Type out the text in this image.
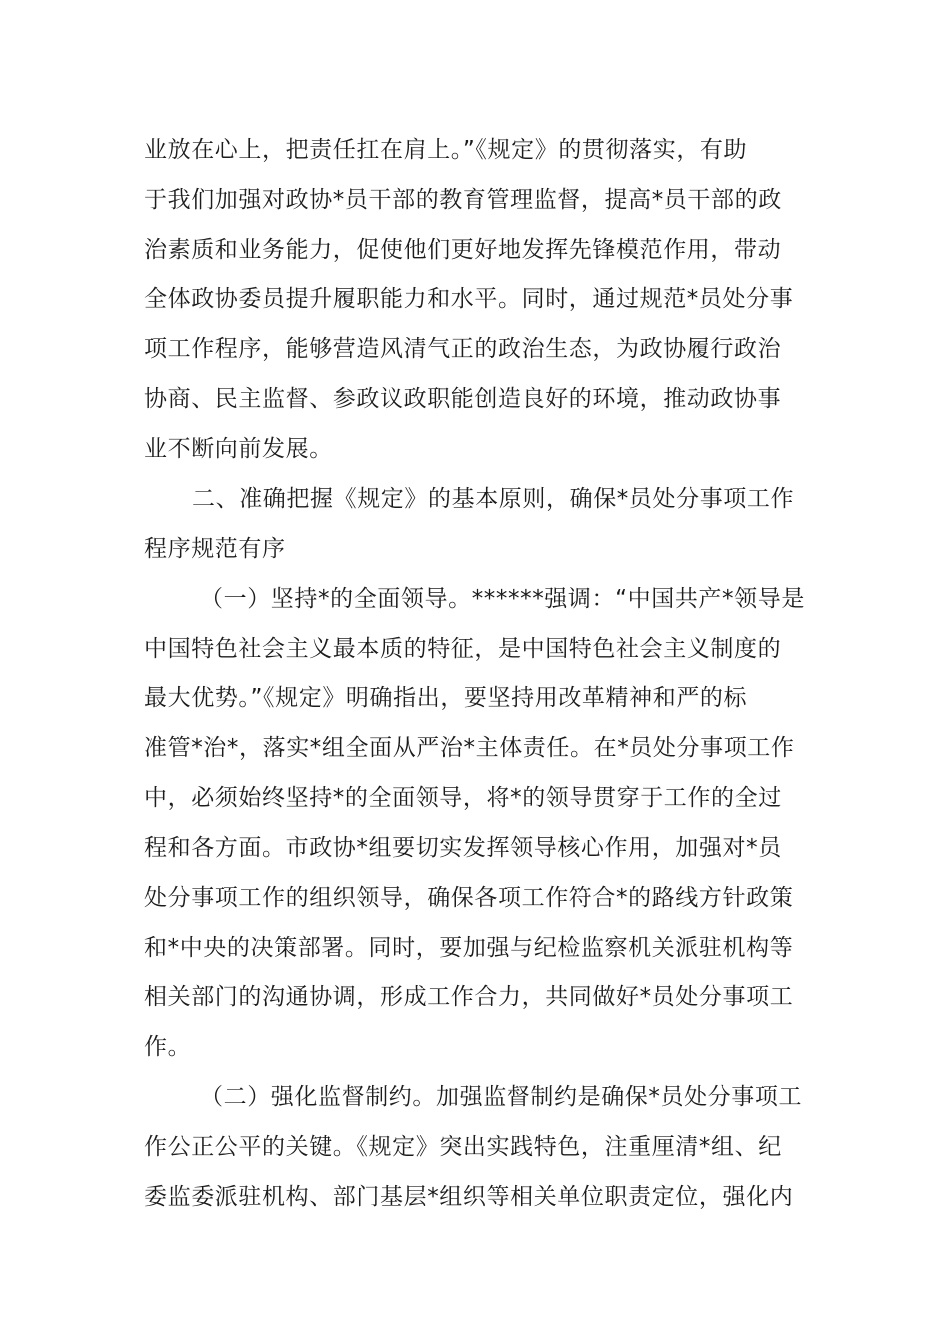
业放在心上，把责任扛在肩上。”《规定》的贯彻落实，有助
于我们加强对政协*员干部的教育管理监督，提高*员干部的政
治素质和业务能力，促使他们更好地发挥先锋模范作用，带动
全体政协委员提升履职能力和水平。同时，通过规范*员处分事
项工作程序，能够营造风清气正的政治生态，为政协履行政治
协商、民主监督、参政议政职能创造良好的环境，推动政协事
业不断向前发展。
二、准确把握《规定》的基本原则，确保*员处分事项工作
程序规范有序
（一）坚持*的全面领导。******强调：“中国共产*领导是
中国特色社会主义最本质的特征，是中国特色社会主义制度的
最大优势。”《规定》明确指出，要坚持用改革精神和严的标
准管*治*，落实*组全面从严治*主体责任。在*员处分事项工作
中，必须始终坚持*的全面领导，将*的领导贯穿于工作的全过
程和各方面。市政协*组要切实发挥领导核心作用，加强对*员
处分事项工作的组织领导，确保各项工作符合*的路线方针政策
和*中央的决策部署。同时，要加强与纪检监察机关派驻机构等
相关部门的沟通协调，形成工作合力，共同做好*员处分事项工
作。
（二）强化监督制约。加强监督制约是确保*员处分事项工
作公正公平的关键。《规定》突出实践特色，注重厘清*组、纪
委监委派驻机构、部门基层*组织等相关单位职责定位，强化内
